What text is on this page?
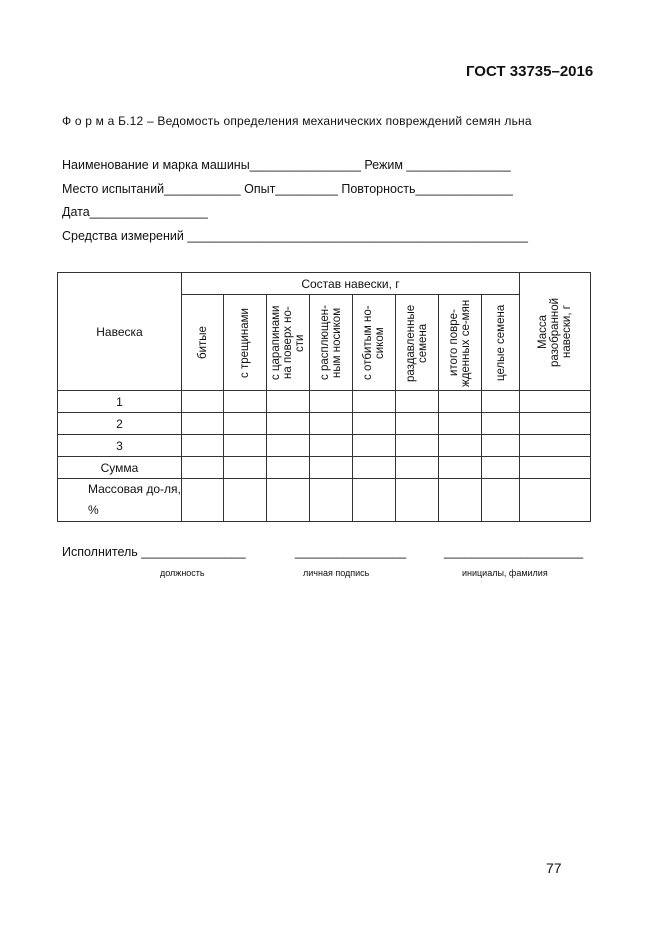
ГОСТ 33735–2016
Ф о р м а Б.12 – Ведомость определения механических повреждений семян льна
Наименование и марка машины________________ Режим _______________
Место испытаний___________ Опыт_________ Повторность______________
Дата_________________
Средства измерений _________________________________________________
Навеска	Состав навески, г								Масса разобранной навески, г

	битые	с трещинами	с царапинами на поверх но-сти	с расплющен-ным носиком	с отбитым но-сиком	раздавленные семена	итого повре-жденных се-мян	целые семена	

1									
2									
3									
Сумма									
Массовая до-ля, %									
Исполнитель _______________	________________	____________________
должность	личная подпись	инициалы, фамилия
77
